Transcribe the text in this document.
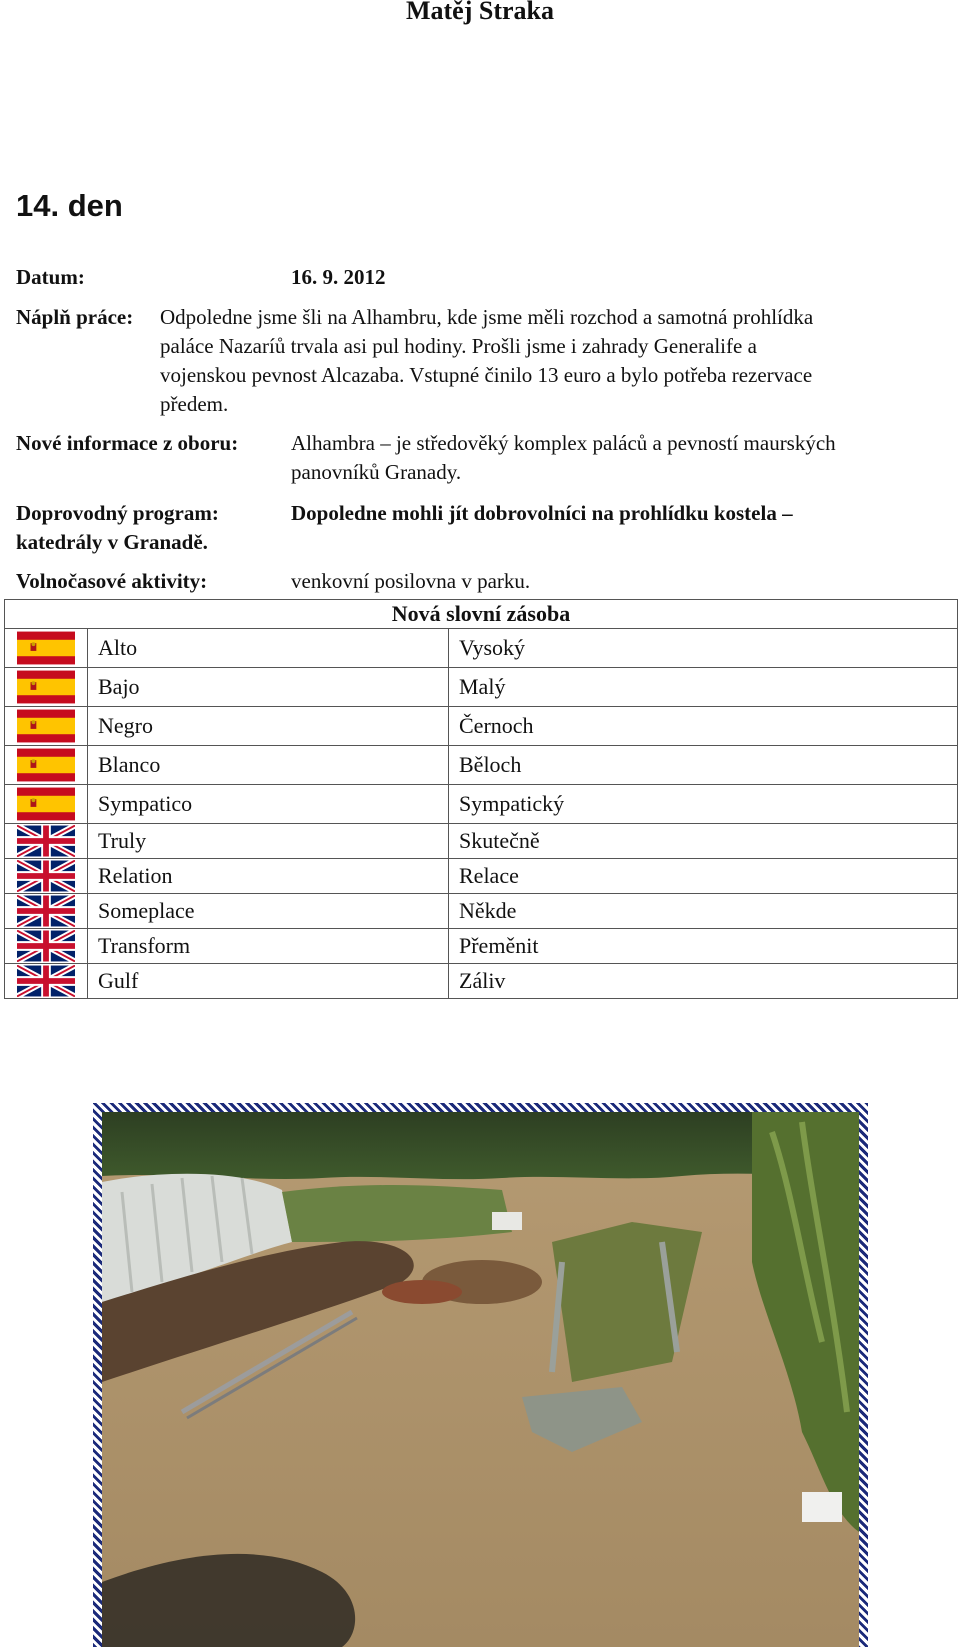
Matěj Straka
14. den
Datum:	16. 9. 2012
Náplň práce: Odpoledne jsme šli na Alhambru, kde jsme měli rozchod a samotná prohlídka
paláce Nazaríů trvala asi pul hodiny. Prošli jsme i zahrady Generalife a
vojenskou pevnost Alcazaba. Vstupné činilo 13 euro a bylo potřeba rezervace
předem.
Nové informace z oboru:	Alhambra – je středověký komplex paláců a pevností maurských
panovníků Granady.
Doprovodný program:	Dopoledne mohli jít dobrovolníci na prohlídku kostela –
katedrály v Granadě.
Volnočasové aktivity:	venkovní posilovna v parku.
Nová slovní zásoba		

	Alto	Vysoký

	Bajo	Malý

	Negro	Černoch

	Blanco	Běloch

	Sympatico	Sympatický

	Truly	Skutečně

	Relation	Relace

	Someplace	Někde

	Transform	Přeměnit

	Gulf	Záliv
